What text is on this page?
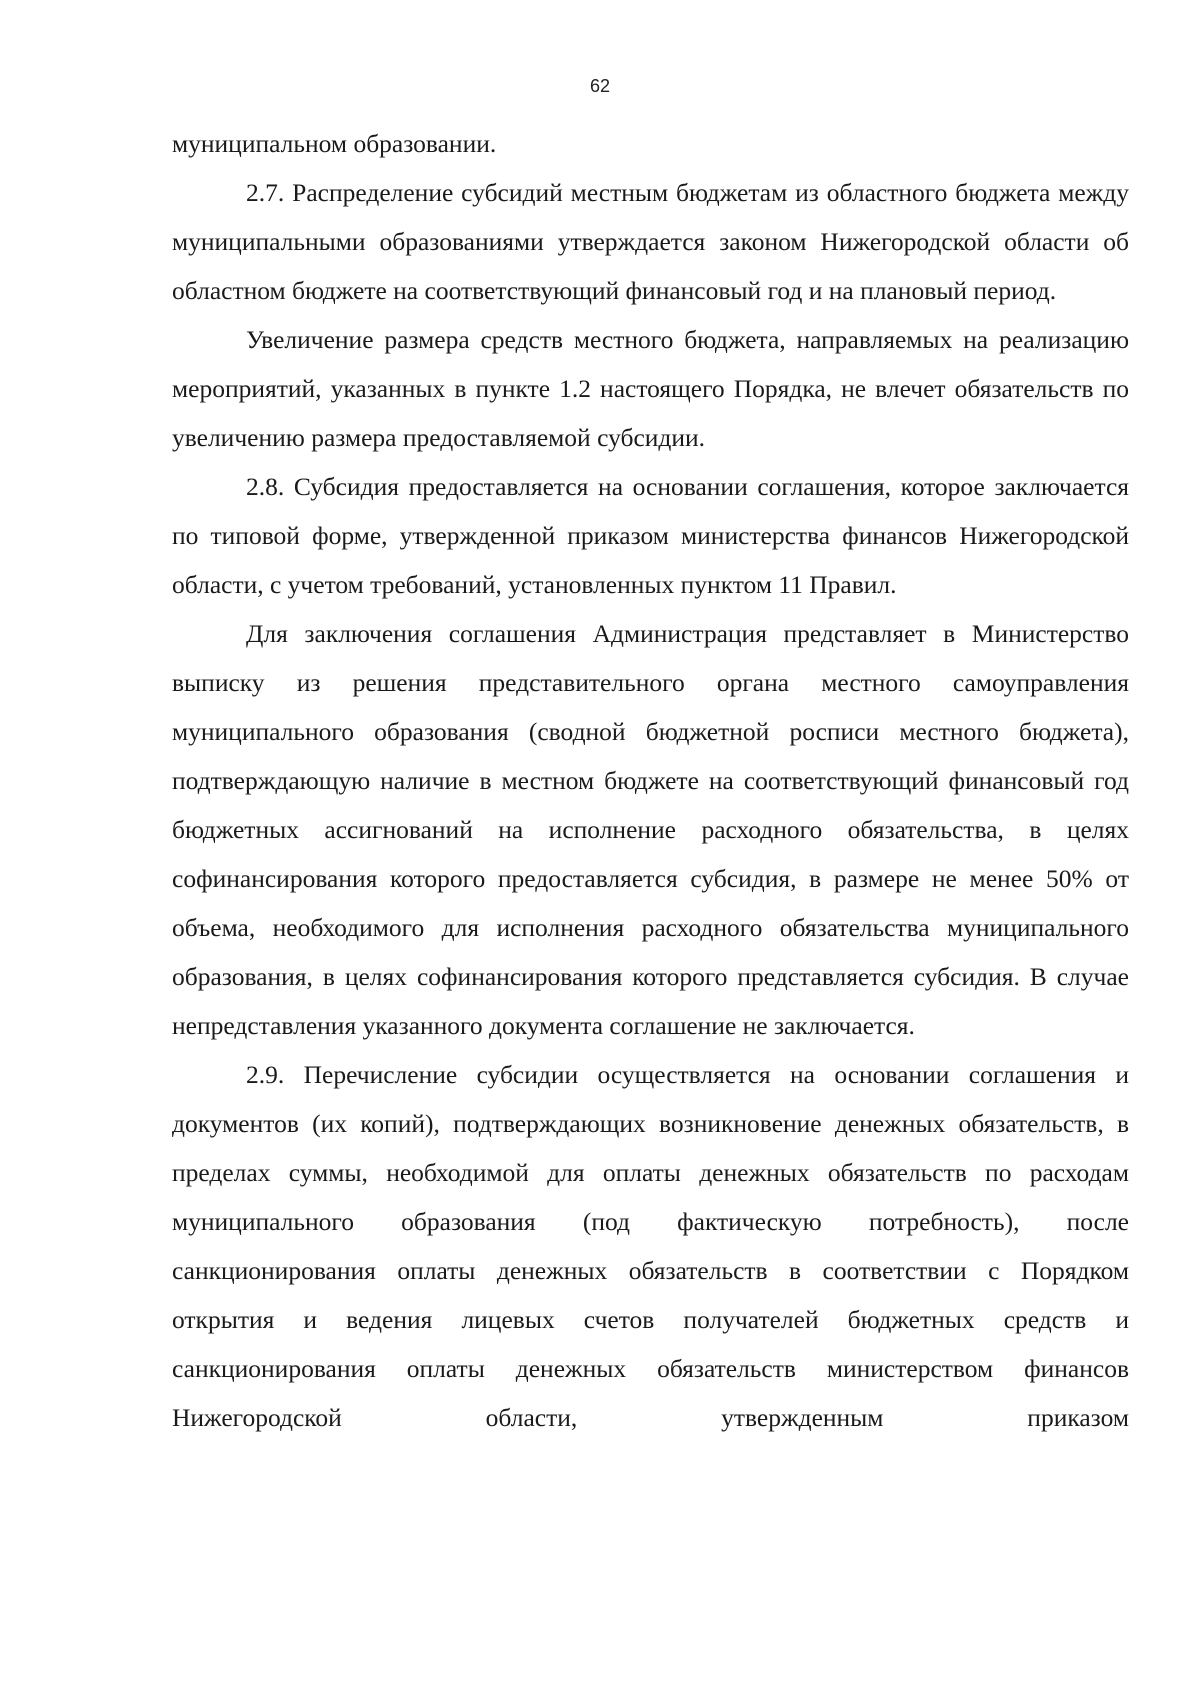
62

муниципальном образовании.

2.7. Распределение субсидий местным бюджетам из областного бюджета между муниципальными образованиями утверждается законом Нижегородской области об областном бюджете на соответствующий финансовый год и на плановый период.

Увеличение размера средств местного бюджета, направляемых на реализацию мероприятий, указанных в пункте 1.2 настоящего Порядка, не влечет обязательств по увеличению размера предоставляемой субсидии.

2.8. Субсидия предоставляется на основании соглашения, которое заключается по типовой форме, утвержденной приказом министерства финансов Нижегородской области, с учетом требований, установленных пунктом 11 Правил.

Для заключения соглашения Администрация представляет в Министерство выписку из решения представительного органа местного самоуправления муниципального образования (сводной бюджетной росписи местного бюджета), подтверждающую наличие в местном бюджете на соответствующий финансовый год бюджетных ассигнований на исполнение расходного обязательства, в целях софинансирования которого предоставляется субсидия, в размере не менее 50% от объема, необходимого для исполнения расходного обязательства муниципального образования, в целях софинансирования которого представляется субсидия. В случае непредставления указанного документа соглашение не заключается.

2.9. Перечисление субсидии осуществляется на основании соглашения и документов (их копий), подтверждающих возникновение денежных обязательств, в пределах суммы, необходимой для оплаты денежных обязательств по расходам муниципального образования (под фактическую потребность), после санкционирования оплаты денежных обязательств в соответствии с Порядком открытия и ведения лицевых счетов получателей бюджетных средств и санкционирования оплаты денежных обязательств министерством финансов Нижегородской области, утвержденным приказом
